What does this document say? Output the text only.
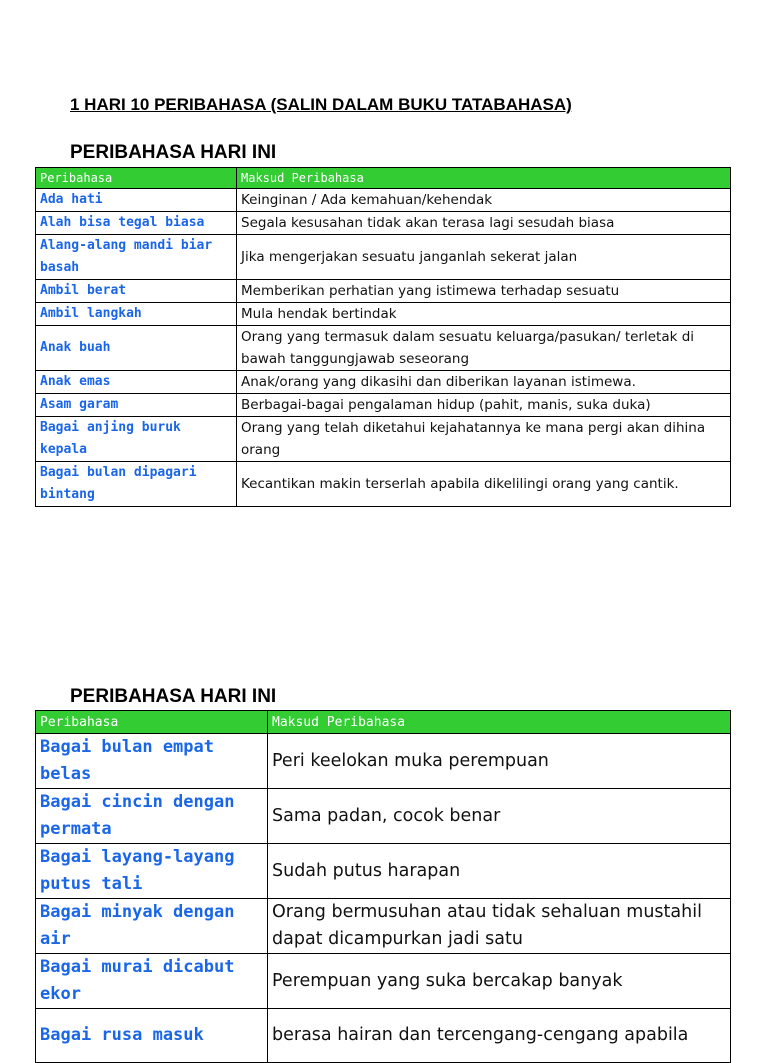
1 HARI 10 PERIBAHASA (SALIN DALAM BUKU TATABAHASA)
PERIBAHASA HARI INI
Peribahasa	Maksud Peribahasa
Ada hati	Keinginan / Ada kemahuan/kehendak
Alah bisa tegal biasa	Segala kesusahan tidak akan terasa lagi sesudah biasa
Alang-alang mandi biar basah	Jika mengerjakan sesuatu janganlah sekerat jalan
Ambil berat	Memberikan perhatian yang istimewa terhadap sesuatu
Ambil langkah	Mula hendak bertindak
Anak buah	Orang yang termasuk dalam sesuatu keluarga/pasukan/ terletak di bawah tanggungjawab seseorang
Anak emas	Anak/orang yang dikasihi dan diberikan layanan istimewa.
Asam garam	Berbagai-bagai pengalaman hidup (pahit, manis, suka duka)
Bagai anjing buruk kepala	Orang yang telah diketahui kejahatannya ke mana pergi akan dihina orang
Bagai bulan dipagari bintang	Kecantikan makin terserlah apabila dikelilingi orang yang cantik.
PERIBAHASA HARI INI
Peribahasa	Maksud Peribahasa
Bagai bulan empat belas	Peri keelokan muka perempuan
Bagai cincin dengan permata	Sama padan, cocok benar
Bagai layang-layang putus tali	Sudah putus harapan
Bagai minyak dengan air	Orang bermusuhan atau tidak sehaluan mustahil dapat dicampurkan jadi satu
Bagai murai dicabut ekor	Perempuan yang suka bercakap banyak
Bagai rusa masuk	berasa hairan dan tercengang-cengang apabila
